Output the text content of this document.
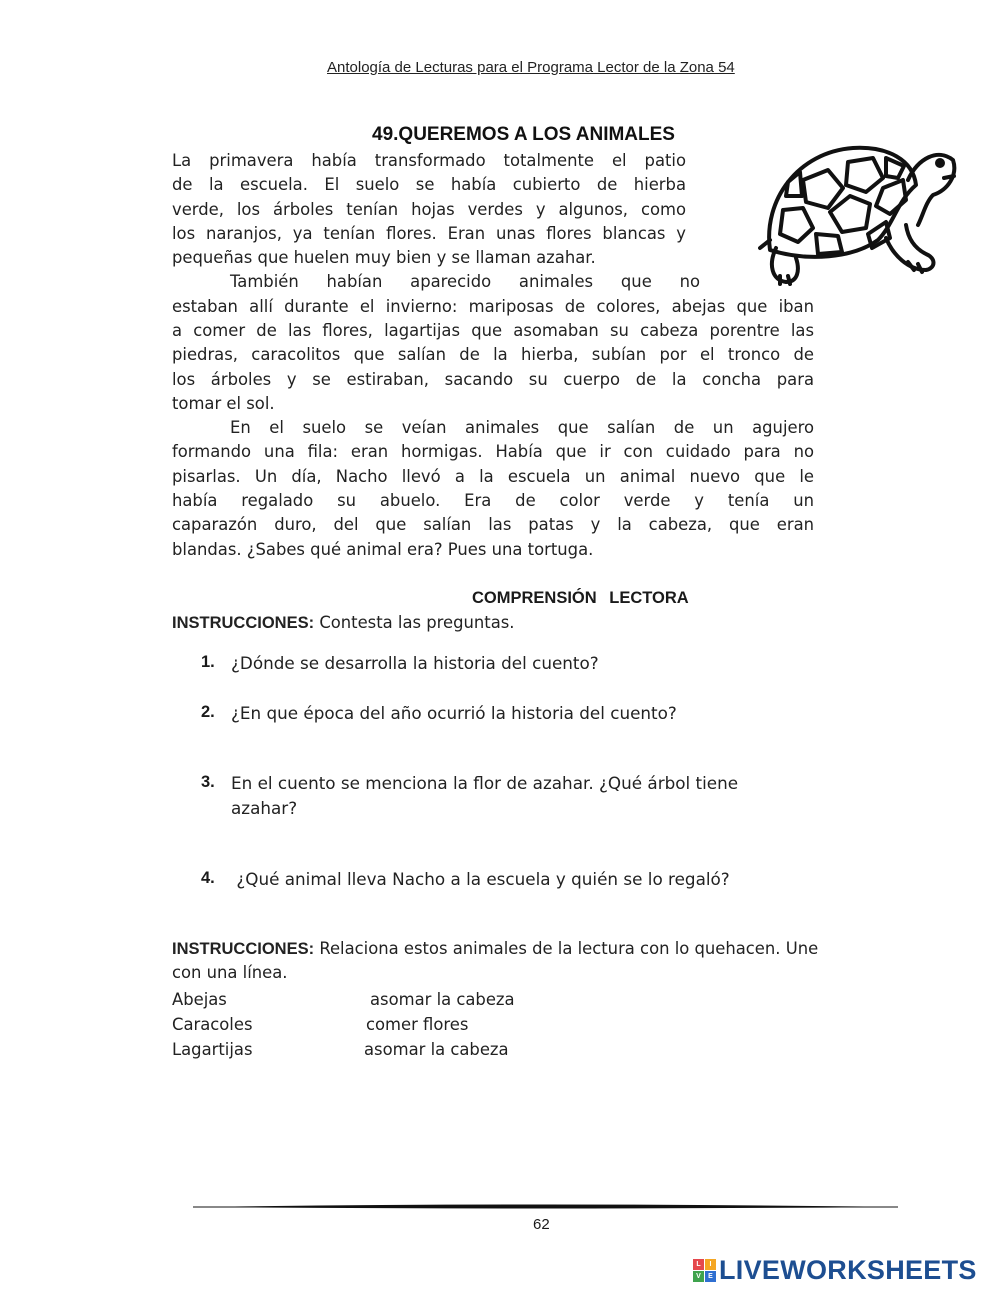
Antología de Lecturas para el Programa Lector de la Zona 54
49.QUEREMOS A LOS ANIMALES
La primavera había transformado totalmente el patio
de la escuela. El suelo se había cubierto de hierba
verde, los árboles tenían hojas verdes y algunos, como
los naranjos, ya tenían flores. Eran unas flores blancas y
pequeñas que huelen muy bien y se llaman azahar.
También habían aparecido animales que no
estaban allí durante el invierno: mariposas de colores, abejas que iban
a comer de las flores, lagartijas que asomaban su cabeza porentre las
piedras, caracolitos que salían de la hierba, subían por el tronco de
los árboles y se estiraban, sacando su cuerpo de la concha para
tomar el sol.
En el suelo se veían animales que salían de un agujero
formando una fila: eran hormigas. Había que ir con cuidado para no
pisarlas. Un día, Nacho llevó a la escuela un animal nuevo que le
había regalado su abuelo. Era de color verde y tenía un
caparazón duro, del que salían las patas y la cabeza, que eran
blandas. ¿Sabes qué animal era? Pues una tortuga.
COMPRENSIÓN LECTORA
INSTRUCCIONES: Contesta las preguntas.
1. ¿Dónde se desarrolla la historia del cuento?
2. ¿En que época del año ocurrió la historia del cuento?
3. En el cuento se menciona la flor de azahar. ¿Qué árbol tiene
azahar?
4. ¿Qué animal lleva Nacho a la escuela y quién se lo regaló?
INSTRUCCIONES: Relaciona estos animales de la lectura con lo quehacen. Une
con una línea.
Abejas	asomar la cabeza
Caracoles	comer flores
Lagartijas	asomar la cabeza
62
L	I
V	E LIVEWORKSHEETS
